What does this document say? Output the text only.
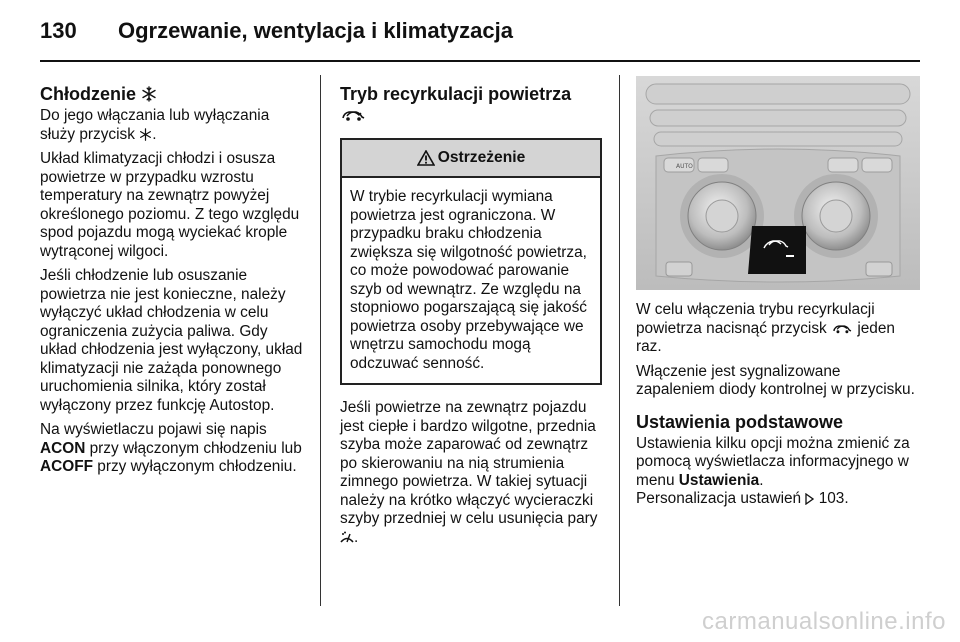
130 Ogrzewanie, wentylacja i klimatyzacja
Chłodzenie

Do jego włączania lub wyłączania służy przycisk .

Układ klimatyzacji chłodzi i osusza powietrze w przypadku wzrostu temperatury na zewnątrz powyżej określonego poziomu. Z tego względu spod pojazdu mogą wyciekać krople wytrąconej wilgoci.

Jeśli chłodzenie lub osuszanie powietrza nie jest konieczne, należy wyłączyć układ chłodzenia w celu ograniczenia zużycia paliwa. Gdy układ chłodzenia jest wyłączony, układ klimatyzacji nie zażąda ponownego uruchomienia silnika, który został wyłączony przez funkcję Autostop.

Na wyświetlaczu pojawi się napis ACON przy włączonym chłodzeniu lub ACOFF przy wyłączonym chłodzeniu.

Tryb recyrkulacji powietrza
Ostrzeżenie

W trybie recyrkulacji wymiana powietrza jest ograniczona. W przypadku braku chłodzenia zwiększa się wilgotność powietrza, co może powodować parowanie szyb od wewnątrz. Ze względu na stopniowo pogarszającą się jakość powietrza osoby przebywające we wnętrzu samochodu mogą odczuwać senność.

Jeśli powietrze na zewnątrz pojazdu jest ciepłe i bardzo wilgotne, przednia szyba może zaparować od zewnątrz po skierowaniu na nią strumienia zimnego powietrza. W takiej sytuacji należy na krótko włączyć wycieraczki szyby przedniej w celu usunięcia pary .

AUTO

W celu włączenia trybu recyrkulacji powietrza nacisnąć przycisk jeden raz.

Włączenie jest sygnalizowane zapaleniem diody kontrolnej w przycisku.

Ustawienia podstawowe

Ustawienia kilku opcji można zmienić za pomocą wyświetlacza informacyjnego w menu Ustawienia.

Personalizacja ustawień 103.

carmanualsonline.info
